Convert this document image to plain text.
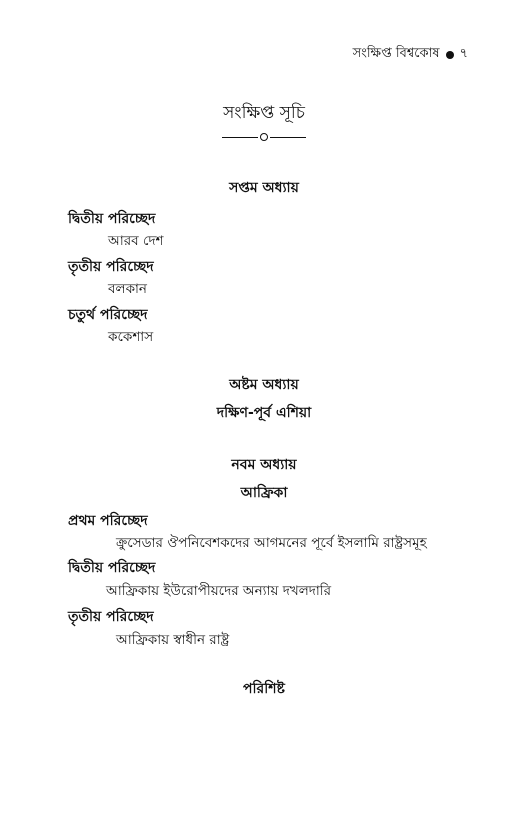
সংক্ষিপ্ত বিশ্বকোষ ৭
সংক্ষিপ্ত সূচি
সপ্তম অধ্যায়
দ্বিতীয় পরিচ্ছেদ
আরব দেশ
তৃতীয় পরিচ্ছেদ
বলকান
চতুর্থ পরিচ্ছেদ
ককেশাস
অষ্টম অধ্যায়
দক্ষিণ-পূর্ব এশিয়া
নবম অধ্যায়
আফ্রিকা
প্রথম পরিচ্ছেদ
ক্রুসেডার ঔপনিবেশকদের আগমনের পূর্বে ইসলামি রাষ্ট্রসমূহ
দ্বিতীয় পরিচ্ছেদ
আফ্রিকায় ইউরোপীয়দের অন্যায় দখলদারি
তৃতীয় পরিচ্ছেদ
আফ্রিকায় স্বাধীন রাষ্ট্র
পরিশিষ্ট
